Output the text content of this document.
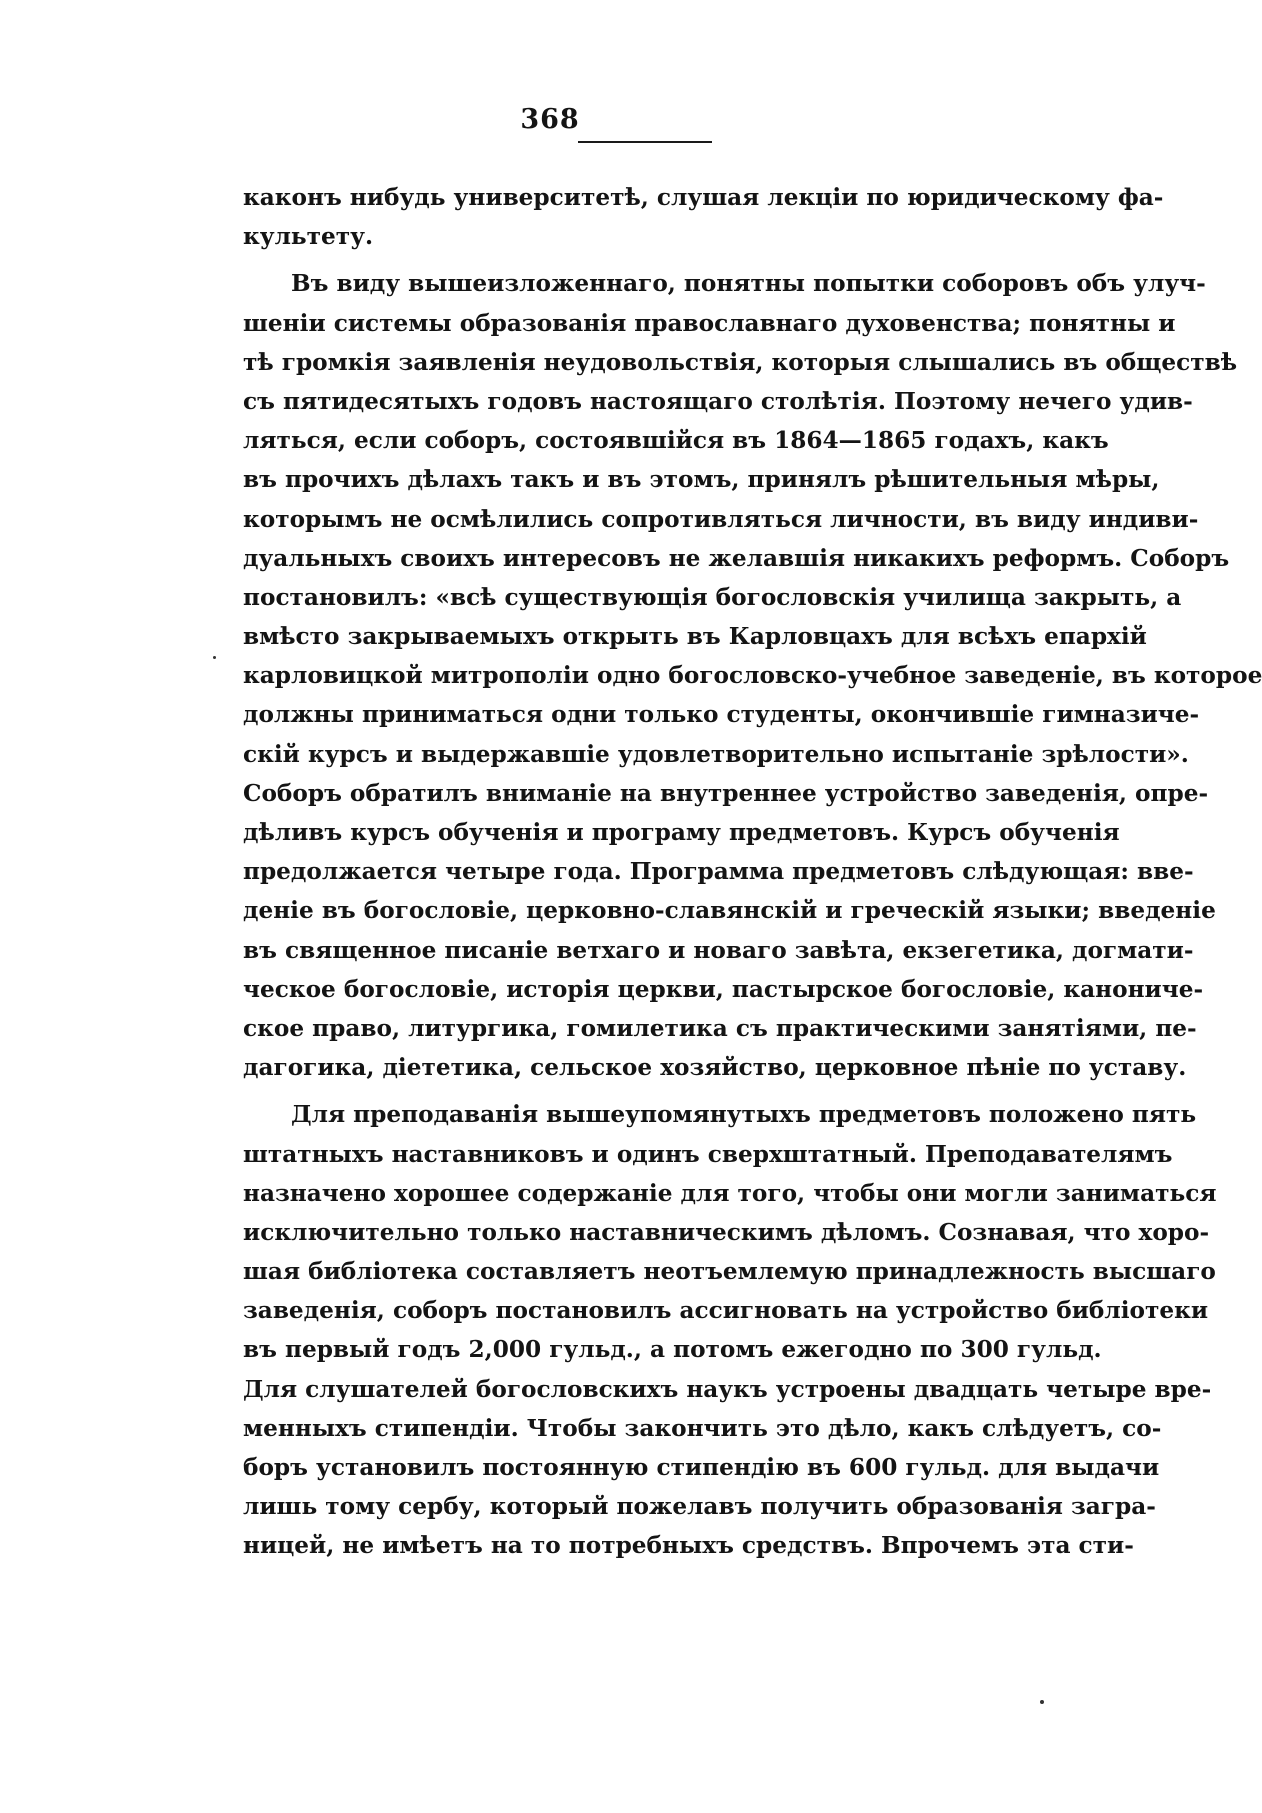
368
каконъ нибудь университетѣ, слушая лекціи по юридическому фа-
культету.
Въ виду вышеизложеннаго, понятны попытки соборовъ объ улуч-
шеніи системы образованія православнаго духовенства; понятны и
тѣ громкія заявленія неудовольствія, которыя слышались въ обществѣ
съ пятидесятыхъ годовъ настоящаго столѣтія. Поэтому нечего удив-
ляться, если соборъ, состоявшійся въ 1864—1865 годахъ, какъ
въ прочихъ дѣлахъ такъ и въ этомъ, принялъ рѣшительныя мѣры,
которымъ не осмѣлились сопротивляться личности, въ виду индиви-
дуальныхъ своихъ интересовъ не желавшія никакихъ реформъ. Соборъ
постановилъ: «всѣ существующія богословскія училища закрыть, а
вмѣсто закрываемыхъ открыть въ Карловцахъ для всѣхъ епархій
карловицкой митрополіи одно богословско-учебное заведеніе, въ которое
должны приниматься одни только студенты, окончившіе гимназиче-
скій курсъ и выдержавшіе удовлетворительно испытаніе зрѣлости».
Соборъ обратилъ вниманіе на внутреннее устройство заведенія, опре-
дѣливъ курсъ обученія и програму предметовъ. Курсъ обученія
предолжается четыре года. Программа предметовъ слѣдующая: вве-
деніе въ богословіе, церковно-славянскій и греческій языки; введеніе
въ священное писаніе ветхаго и новаго завѣта, екзегетика, догмати-
ческое богословіе, исторія церкви, пастырское богословіе, канониче-
ское право, литургика, гомилетика съ практическими занятіями, пе-
дагогика, діететика, сельское хозяйство, церковное пѣніе по уставу.
Для преподаванія вышеупомянутыхъ предметовъ положено пять
штатныхъ наставниковъ и одинъ сверхштатный. Преподавателямъ
назначено хорошее содержаніе для того, чтобы они могли заниматься
исключительно только наставническимъ дѣломъ. Сознавая, что хоро-
шая библіотека составляетъ неотъемлемую принадлежность высшаго
заведенія, соборъ постановилъ ассигновать на устройство библіотеки
въ первый годъ 2,000 гульд., а потомъ ежегодно по 300 гульд.
Для слушателей богословскихъ наукъ устроены двадцать четыре вре-
менныхъ стипендіи. Чтобы закончить это дѣло, какъ слѣдуетъ, со-
боръ установилъ постоянную стипендію въ 600 гульд. для выдачи
лишь тому сербу, который пожелавъ получить образованія загра-
ницей, не имѣетъ на то потребныхъ средствъ. Впрочемъ эта сти-
